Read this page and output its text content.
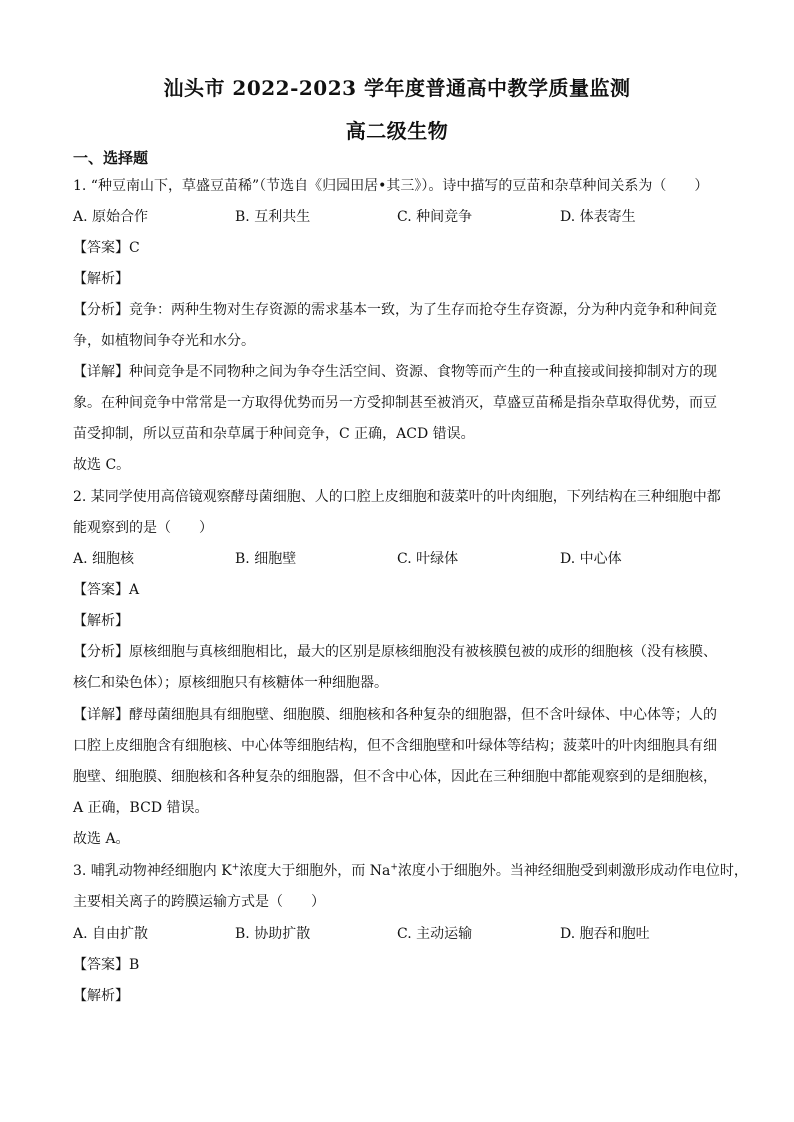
汕头市 2022-2023 学年度普通高中教学质量监测
高二级生物
一、选择题
1. “种豆南山下，草盛豆苗稀”（节选自《归园田居•其三》）。诗中描写的豆苗和杂草种间关系为（　　）
A. 原始合作	B. 互利共生	C. 种间竞争	D. 体表寄生
【答案】C
【解析】
【分析】竞争：两种生物对生存资源的需求基本一致，为了生存而抢夺生存资源，分为种内竞争和种间竞
争，如植物间争夺光和水分。
【详解】种间竞争是不同物种之间为争夺生活空间、资源、食物等而产生的一种直接或间接抑制对方的现
象。在种间竞争中常常是一方取得优势而另一方受抑制甚至被消灭，草盛豆苗稀是指杂草取得优势，而豆
苗受抑制，所以豆苗和杂草属于种间竞争，C 正确，ACD 错误。
故选 C。
2. 某同学使用高倍镜观察酵母菌细胞、人的口腔上皮细胞和菠菜叶的叶肉细胞，下列结构在三种细胞中都
能观察到的是（　　）
A. 细胞核	B. 细胞壁	C. 叶绿体	D. 中心体
【答案】A
【解析】
【分析】原核细胞与真核细胞相比，最大的区别是原核细胞没有被核膜包被的成形的细胞核（没有核膜、
核仁和染色体）；原核细胞只有核糖体一种细胞器。
【详解】酵母菌细胞具有细胞壁、细胞膜、细胞核和各种复杂的细胞器，但不含叶绿体、中心体等；人的
口腔上皮细胞含有细胞核、中心体等细胞结构，但不含细胞壁和叶绿体等结构；菠菜叶的叶肉细胞具有细
胞壁、细胞膜、细胞核和各种复杂的细胞器，但不含中心体，因此在三种细胞中都能观察到的是细胞核，
A 正确，BCD 错误。
故选 A。
3. 哺乳动物神经细胞内 K+浓度大于细胞外，而 Na+浓度小于细胞外。当神经细胞受到刺激形成动作电位时，
主要相关离子的跨膜运输方式是（　　）
A. 自由扩散	B. 协助扩散	C. 主动运输	D. 胞吞和胞吐
【答案】B
【解析】
